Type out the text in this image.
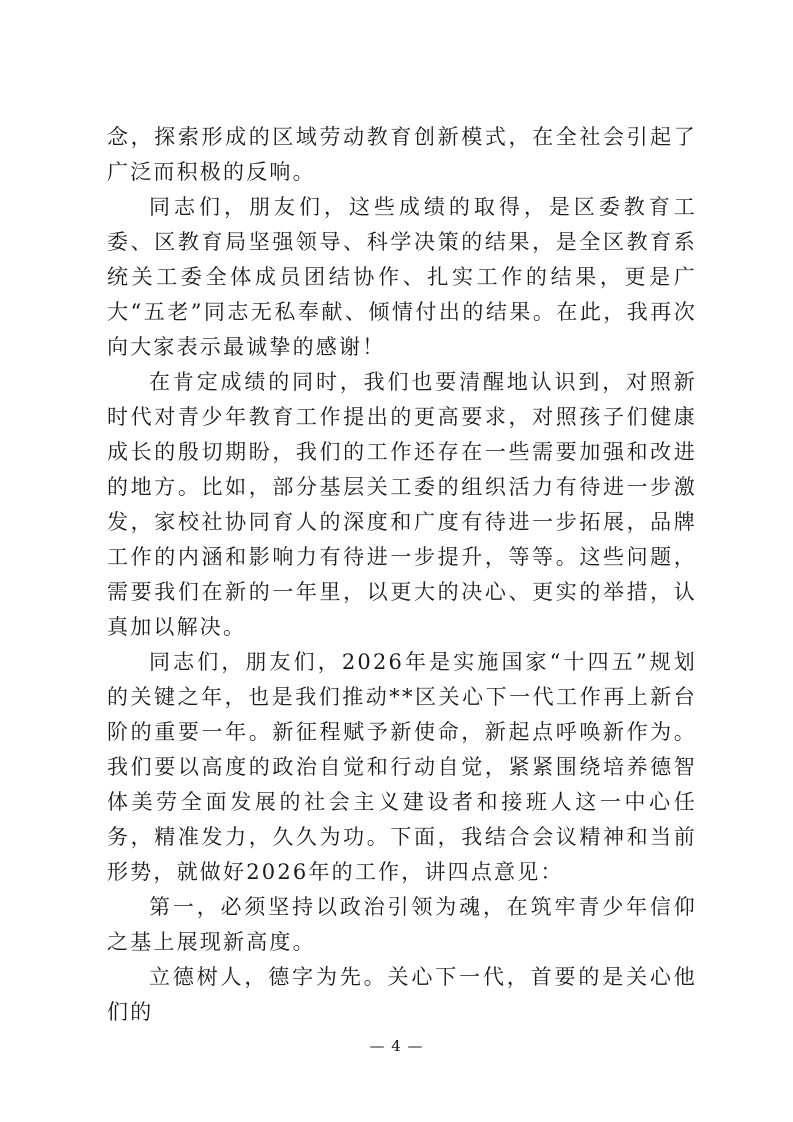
念，探索形成的区域劳动教育创新模式，在全社会引起了广泛而积极的反响。

同志们，朋友们，这些成绩的取得，是区委教育工委、区教育局坚强领导、科学决策的结果，是全区教育系统关工委全体成员团结协作、扎实工作的结果，更是广大“五老”同志无私奉献、倾情付出的结果。在此，我再次向大家表示最诚挚的感谢！

在肯定成绩的同时，我们也要清醒地认识到，对照新时代对青少年教育工作提出的更高要求，对照孩子们健康成长的殷切期盼，我们的工作还存在一些需要加强和改进的地方。比如，部分基层关工委的组织活力有待进一步激发，家校社协同育人的深度和广度有待进一步拓展，品牌工作的内涵和影响力有待进一步提升，等等。这些问题，需要我们在新的一年里，以更大的决心、更实的举措，认真加以解决。

同志们，朋友们，2026年是实施国家“十四五”规划的关键之年，也是我们推动**区关心下一代工作再上新台阶的重要一年。新征程赋予新使命，新起点呼唤新作为。我们要以高度的政治自觉和行动自觉，紧紧围绕培养德智体美劳全面发展的社会主义建设者和接班人这一中心任务，精准发力，久久为功。下面，我结合会议精神和当前形势，就做好2026年的工作，讲四点意见：

第一，必须坚持以政治引领为魂，在筑牢青少年信仰之基上展现新高度。

立德树人，德字为先。关心下一代，首要的是关心他们的

— 4 —
